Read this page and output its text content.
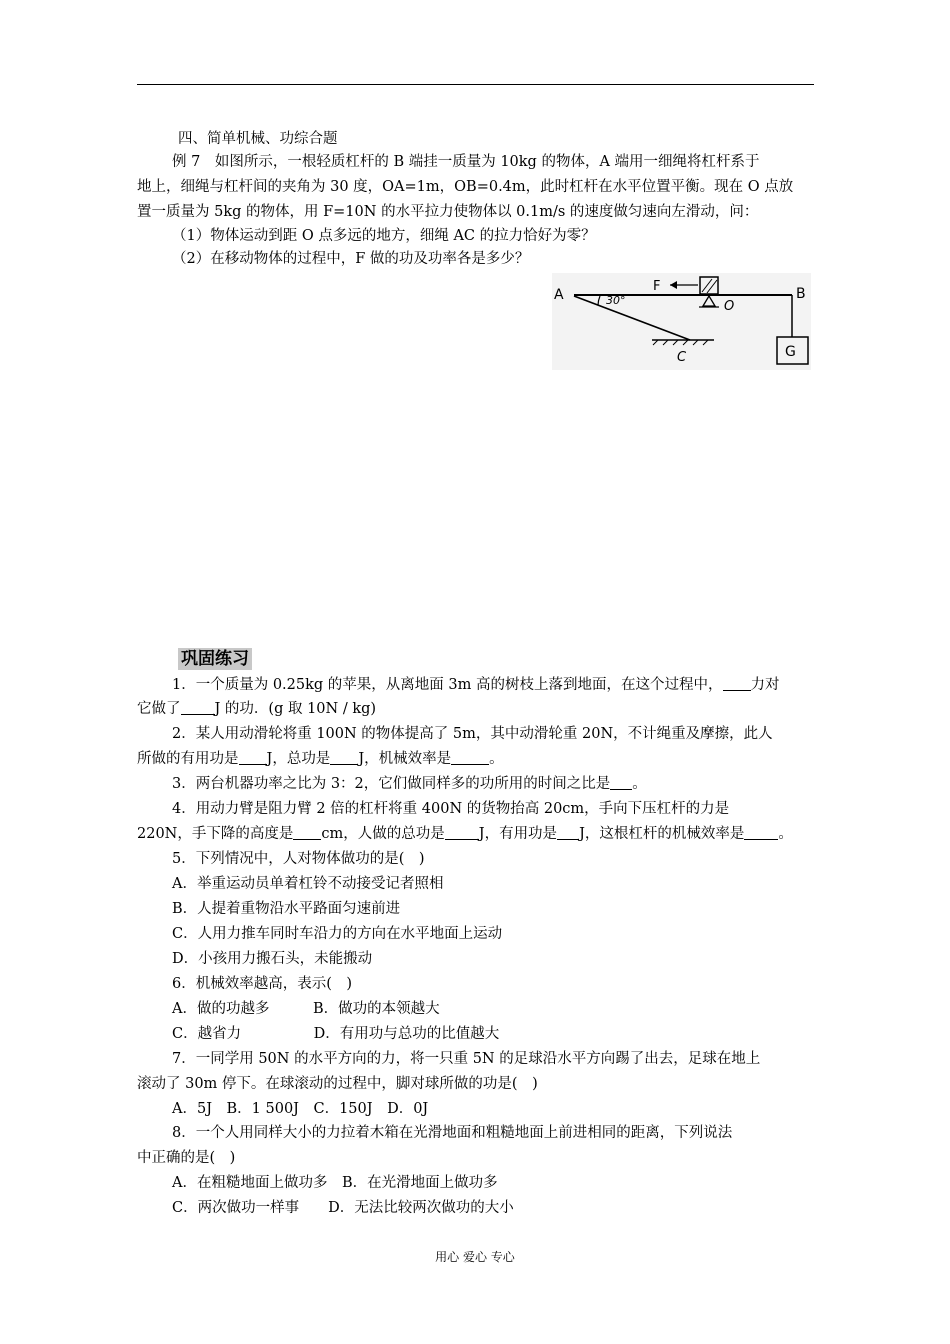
四、简单机械、功综合题
例 7　如图所示，一根轻质杠杆的 B 端挂一质量为 10kg 的物体，A 端用一细绳将杠杆系于
地上，细绳与杠杆间的夹角为 30 度，OA=1m，OB=0.4m，此时杠杆在水平位置平衡。现在 O 点放
置一质量为 5kg 的物体，用 F=10N 的水平拉力使物体以 0.1m/s 的速度做匀速向左滑动，问：
（1）物体运动到距 O 点多远的地方，细绳 AC 的拉力恰好为零？
（2）在移动物体的过程中，F 做的功及功率各是多少？
30°
F
O
G
A	B
C
巩固练习
1．一个质量为 0.25kg 的苹果，从离地面 3m 高的树枝上落到地面，在这个过程中， 力对
它做了 J 的功．(g 取 10N / kg)
2．某人用动滑轮将重 100N 的物体提高了 5m，其中动滑轮重 20N，不计绳重及摩擦，此人
所做的有用功是 J，总功是 J，机械效率是	。
3．两台机器功率之比为 3：2，它们做同样多的功所用的时间之比是 。
4．用动力臂是阻力臂 2 倍的杠杆将重 400N 的货物抬高 20cm，手向下压杠杆的力是
220N，手下降的高度是 cm，人做的总功是 J，有用功是 J，这根杠杆的机械效率是 。
5．下列情况中，人对物体做功的是(　)
A．举重运动员单着杠铃不动接受记者照相
B．人提着重物沿水平路面匀速前进
C．人用力推车同时车沿力的方向在水平地面上运动
D．小孩用力搬石头，未能搬动
6．机械效率越高，表示(　)
A．做的功越多　　　B．做功的本领越大
C．越省力　　　　　D．有用功与总功的比值越大
7．一同学用 50N 的水平方向的力，将一只重 5N 的足球沿水平方向踢了出去，足球在地上
滚动了 30m 停下。在球滚动的过程中，脚对球所做的功是(　)
A．5J　B．1 500J　C．150J　D．0J
8．一个人用同样大小的力拉着木箱在光滑地面和粗糙地面上前进相同的距离，下列说法
中正确的是(　)
A．在粗糙地面上做功多　B．在光滑地面上做功多
C．两次做功一样事　　D．无法比较两次做功的大小
用心 爱心 专心
